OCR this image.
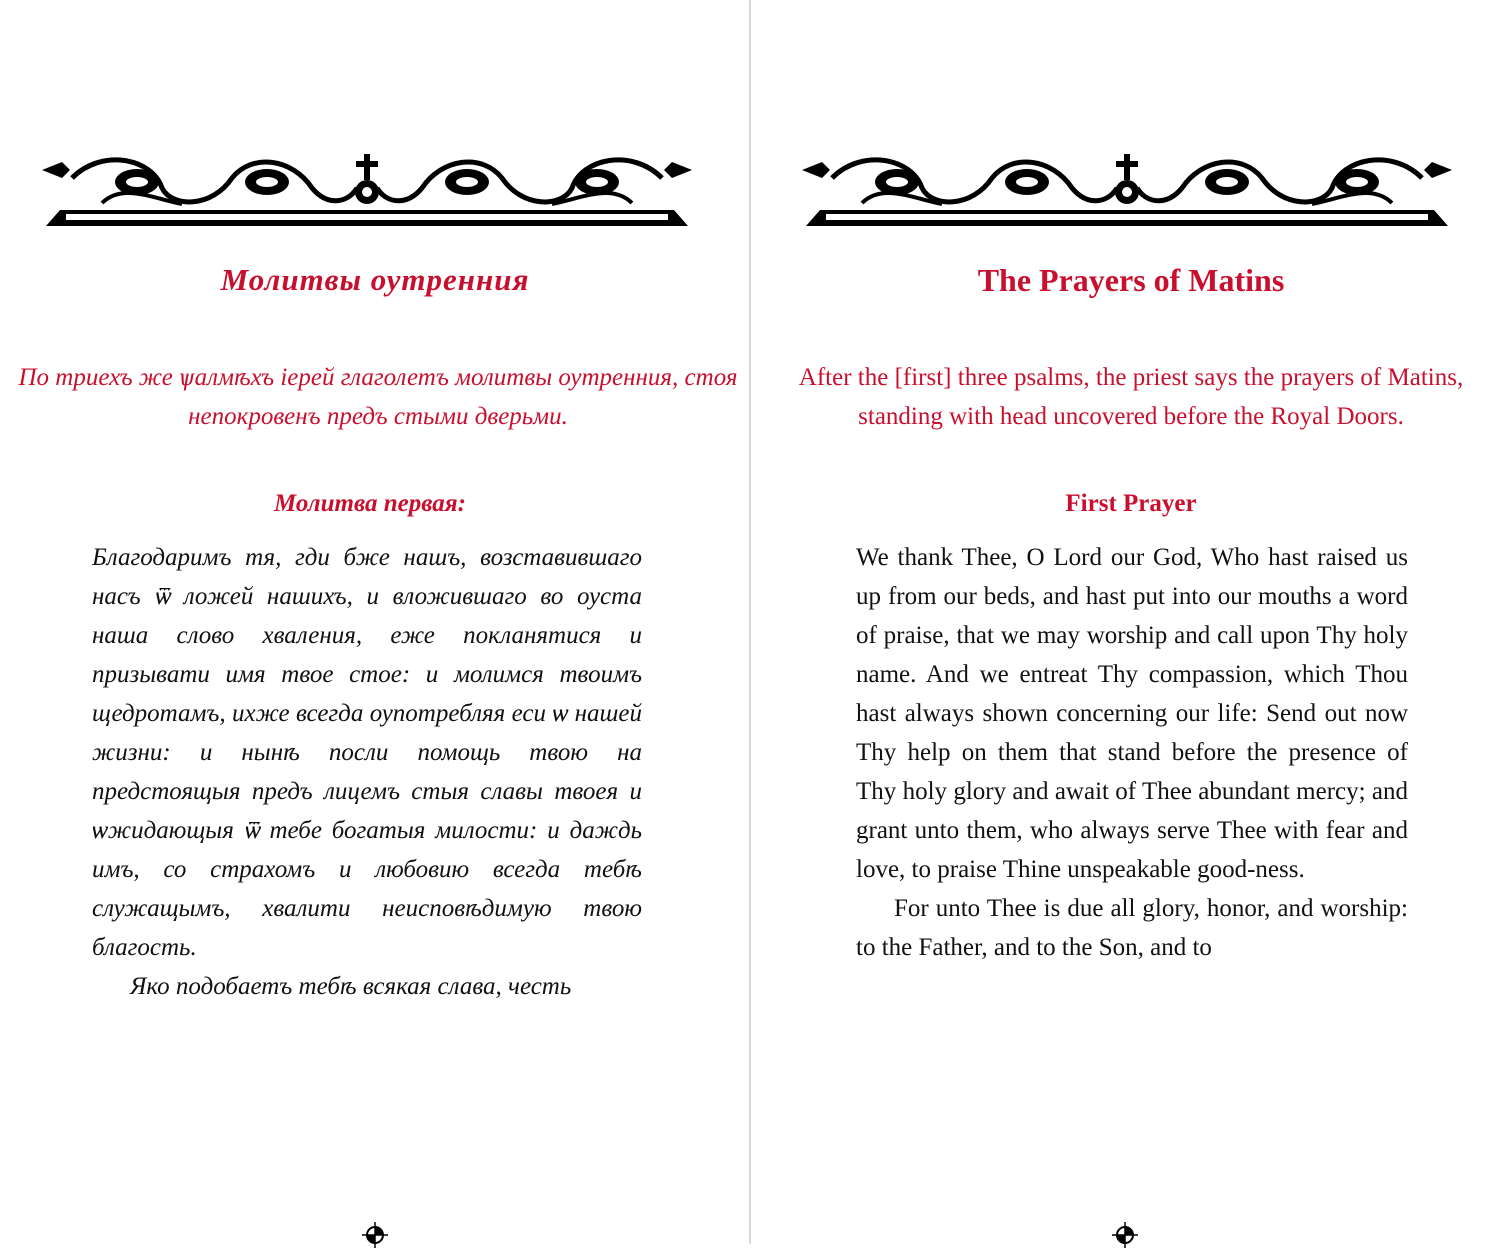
Молитвы оутренния

По триехъ же ѱалмѣхъ іерей глаголетъ молитвы оутренния, стоя непокровенъ предъ стыми дверьми.

Молитва первая:

Благодаримъ тя, гди бже нашъ, возставившаго насъ ѿ ложей нашихъ, и вложившаго во оуста наша слово хваления, еже покланятися и призывати имя твое стое: и молимся твоимъ щедротамъ, ихже всегда оупотребляя еси ѡ нашей жизни: и нынѣ посли помощь твою на предстоящыя предъ лицемъ стыя славы твоея и ѡжидающыя ѿ тебе богатыя милости: и даждь имъ, со страхомъ и любовию всегда тебѣ служащымъ, хвалити неисповѣдимую твою благость.

Яко подобаетъ тебѣ всякая слава, честь

The Prayers of Matins

After the [first] three psalms, the priest says the prayers of Matins, standing with head uncovered before the Royal Doors.

First Prayer

We thank Thee, O Lord our God, Who hast raised us up from our beds, and hast put into our mouths a word of praise, that we may worship and call upon Thy holy name. And we entreat Thy compassion, which Thou hast always shown concerning our life: Send out now Thy help on them that stand before the presence of Thy holy glory and await of Thee abundant mercy; and grant unto them, who always serve Thee with fear and love, to praise Thine unspeakable good-ness.

For unto Thee is due all glory, honor, and worship: to the Father, and to the Son, and to
